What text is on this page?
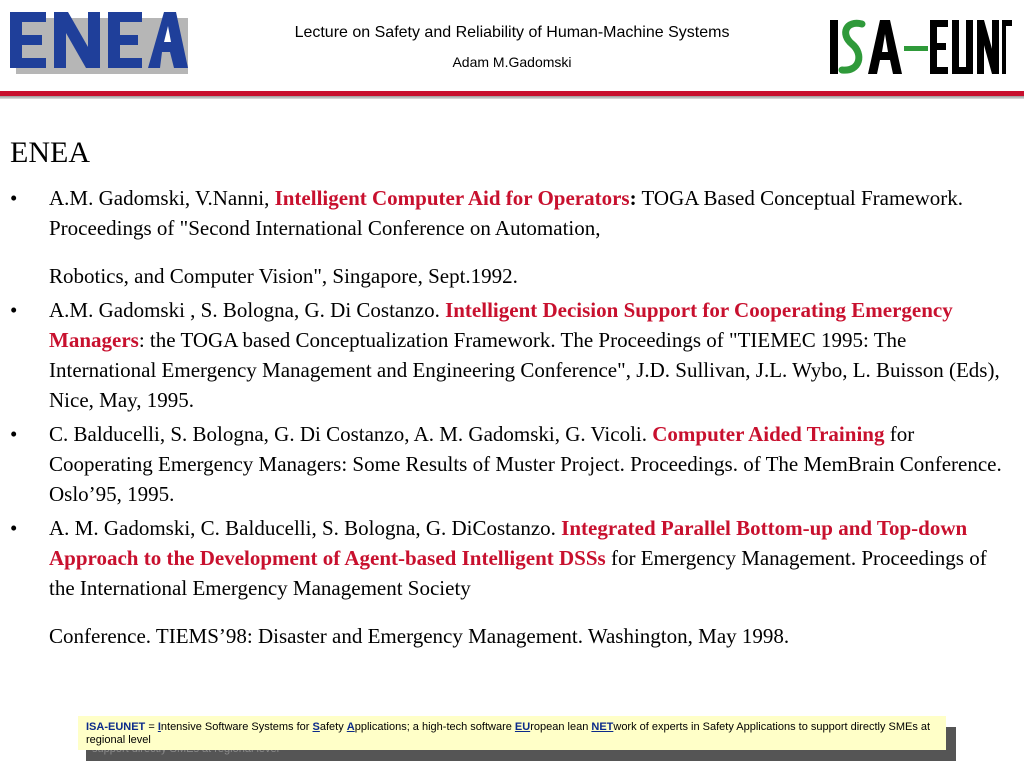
Lecture on Safety and Reliability of Human-Machine Systems
Adam M.Gadomski
ENEA
• A.M. Gadomski, V.Nanni, Intelligent Computer Aid for Operators: TOGA Based Conceptual Framework. Proceedings of "Second International Conference on Automation,
Robotics, and Computer Vision", Singapore, Sept.1992.
• A.M. Gadomski , S. Bologna, G. Di Costanzo. Intelligent Decision Support for Cooperating Emergency Managers: the TOGA based Conceptualization Framework. The Proceedings of "TIEMEC 1995: The International Emergency Management and Engineering Conference", J.D. Sullivan, J.L. Wybo, L. Buisson (Eds), Nice, May, 1995.
• C. Balducelli, S. Bologna, G. Di Costanzo, A. M. Gadomski, G. Vicoli. Computer Aided Training for Cooperating Emergency Managers: Some Results of Muster Project. Proceedings. of The MemBrain Conference. Oslo’95, 1995.
• A. M. Gadomski, C. Balducelli, S. Bologna, G. DiCostanzo. Integrated Parallel Bottom-up and Top-down Approach to the Development of Agent-based Intelligent DSSs for Emergency Management. Proceedings of the International Emergency Management Society
Conference. TIEMS’98: Disaster and Emergency Management. Washington, May 1998.
ISA-EUNET = Intensive Software Systems for Safety Applications; a high-tech software EUropean lean NETwork of experts in Safety Applications to support directly SMEs at regional level
